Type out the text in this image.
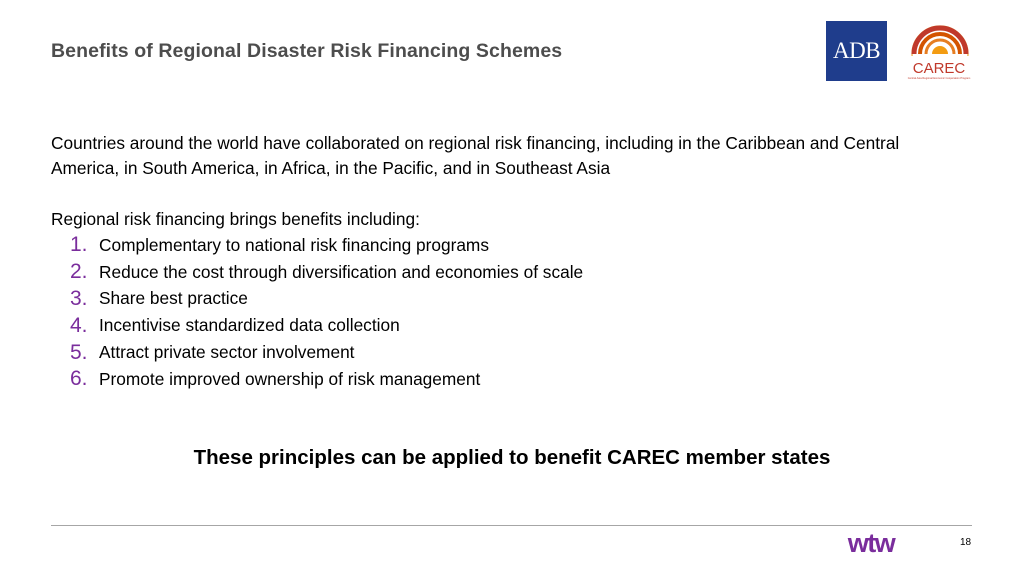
Benefits of Regional Disaster Risk Financing Schemes	ADB
CAREC
Central Asia Regional Economic Cooperation Program
Countries around the world have collaborated on regional risk financing, including in the Caribbean and Central America, in South America, in Africa, in the Pacific, and in Southeast Asia
Regional risk financing brings benefits including:
1. Complementary to national risk financing programs
2. Reduce the cost through diversification and economies of scale
3. Share best practice
4. Incentivise standardized data collection
5. Attract private sector involvement
6. Promote improved ownership of risk management
These principles can be applied to benefit CAREC member states
wtw	18
